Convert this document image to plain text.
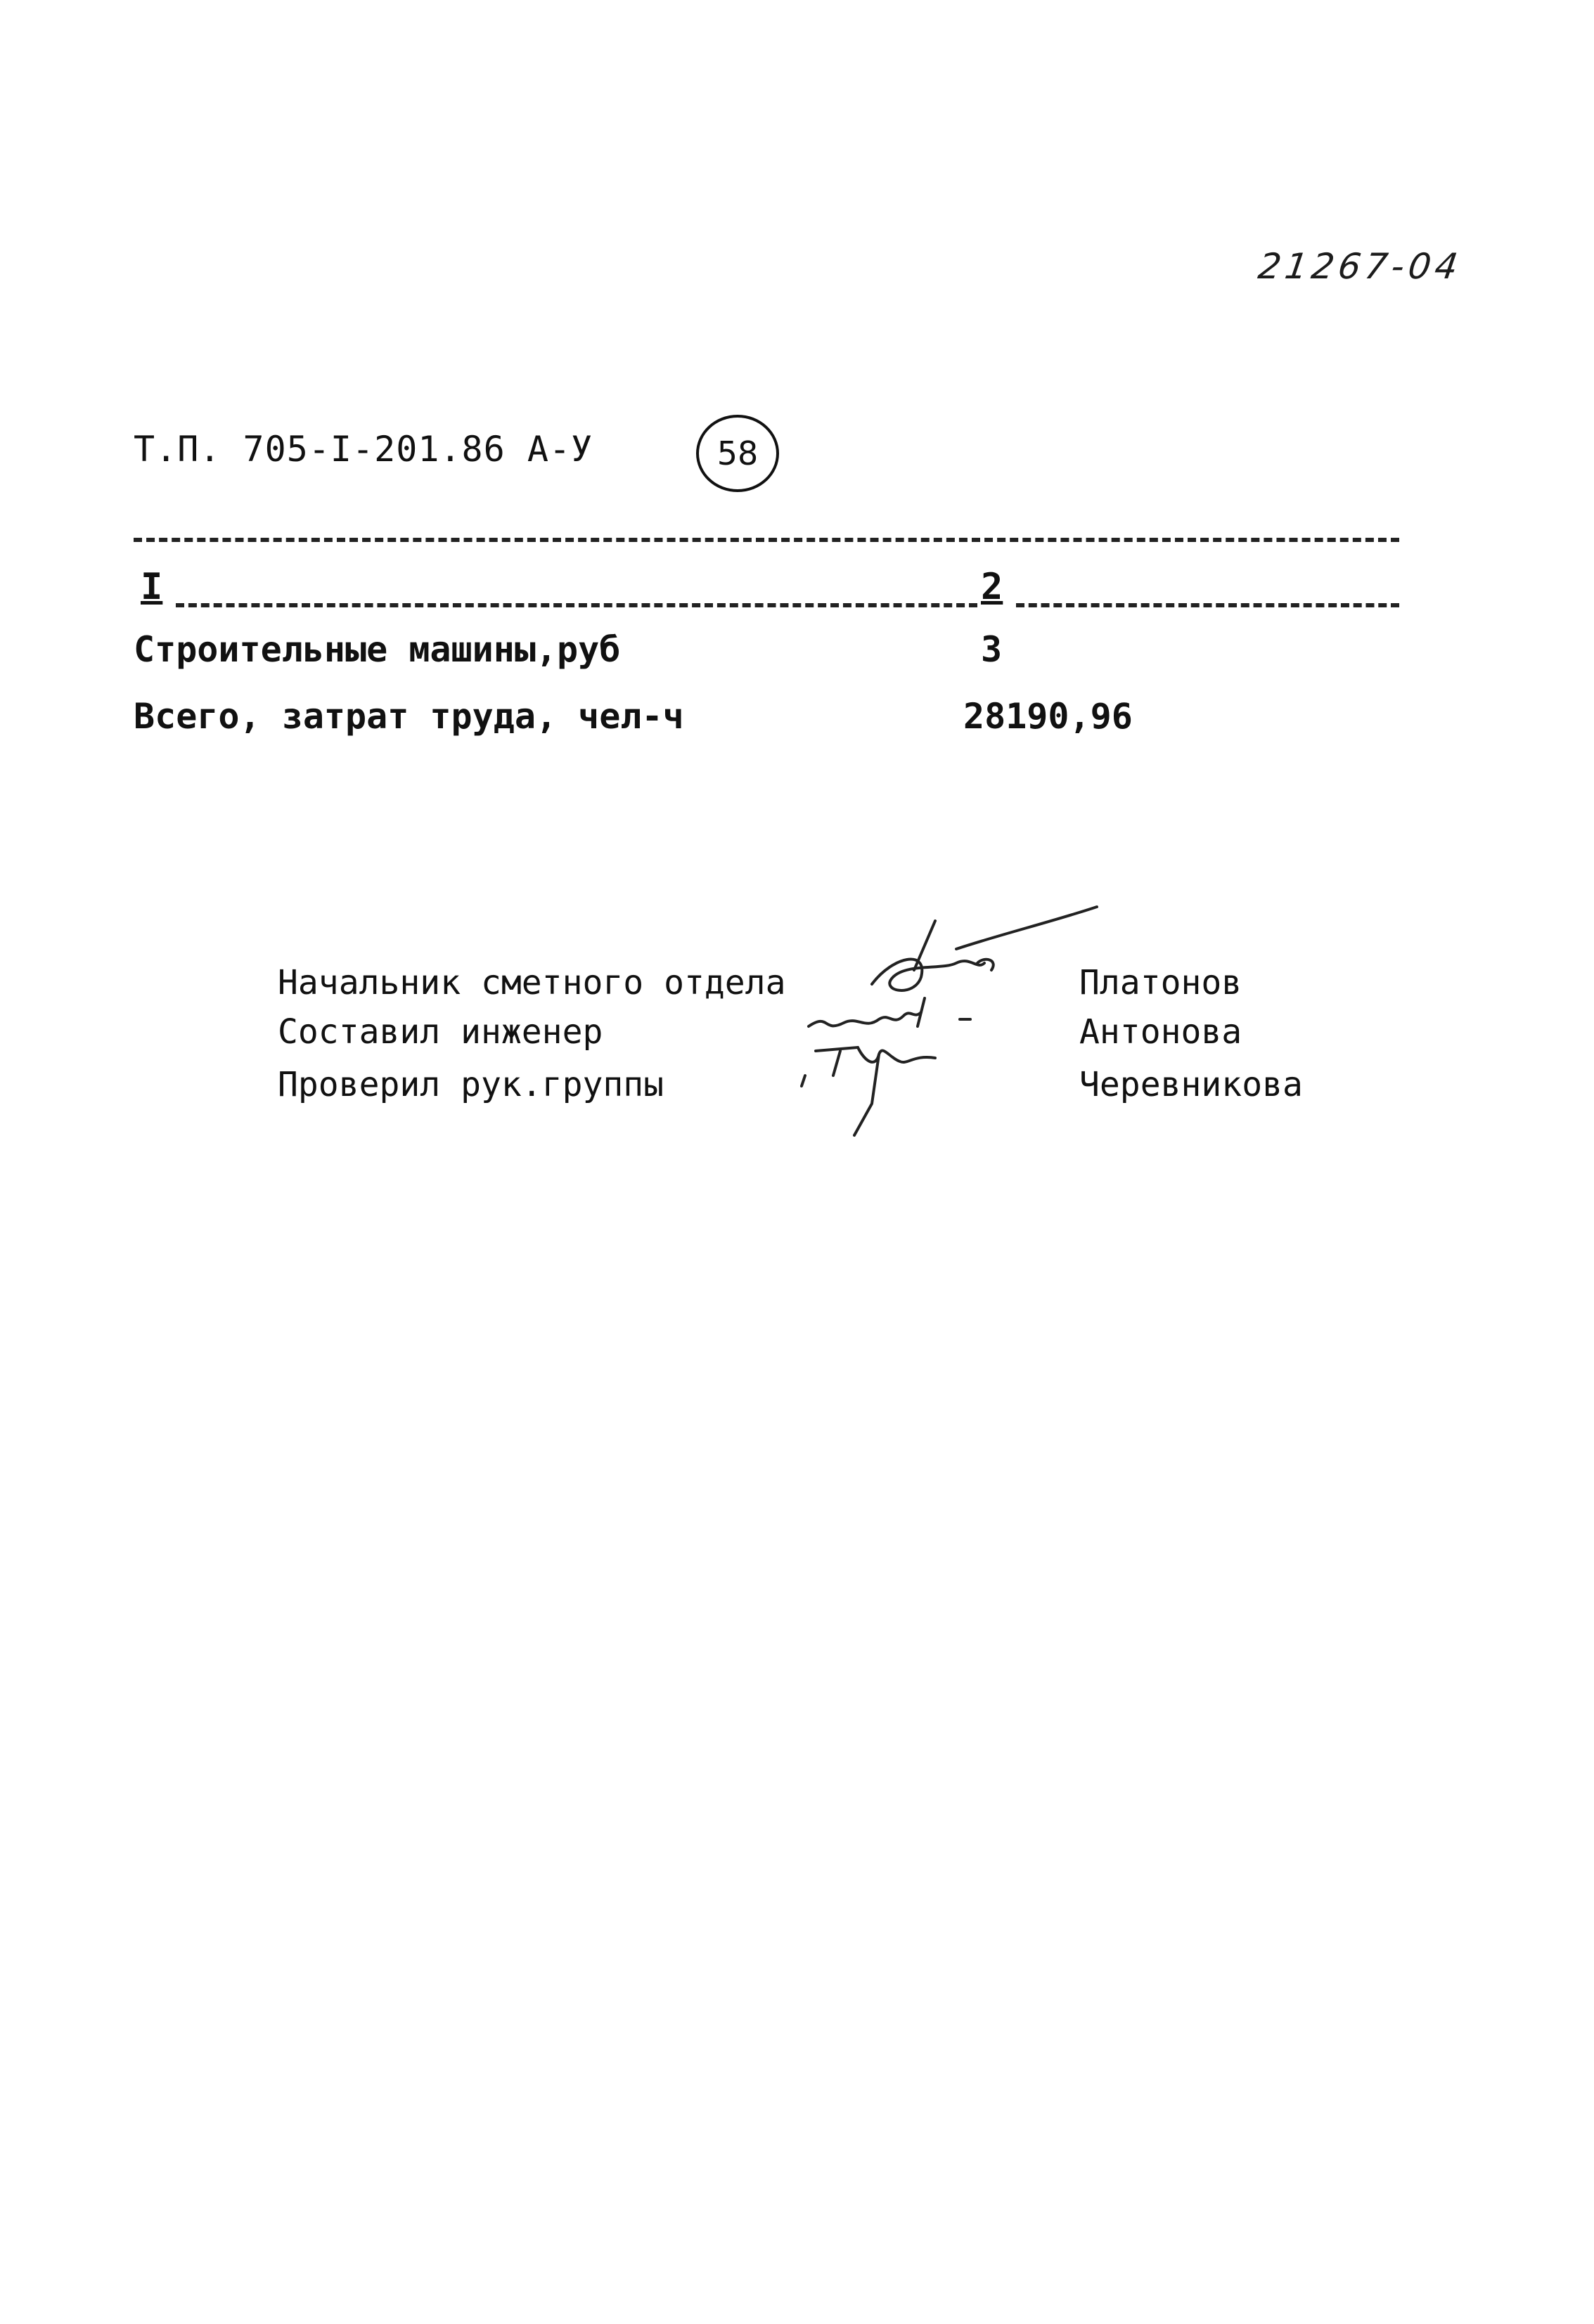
21267-04
Т.П. 705-I-201.86 А-У	58
I	2
Строительные машины,руб	3
Всего, затрат труда, чел-ч	28190,96
Начальник сметного отдела	Платонов
Составил инженер	Антонова
Проверил рук.группы	Черевникова
